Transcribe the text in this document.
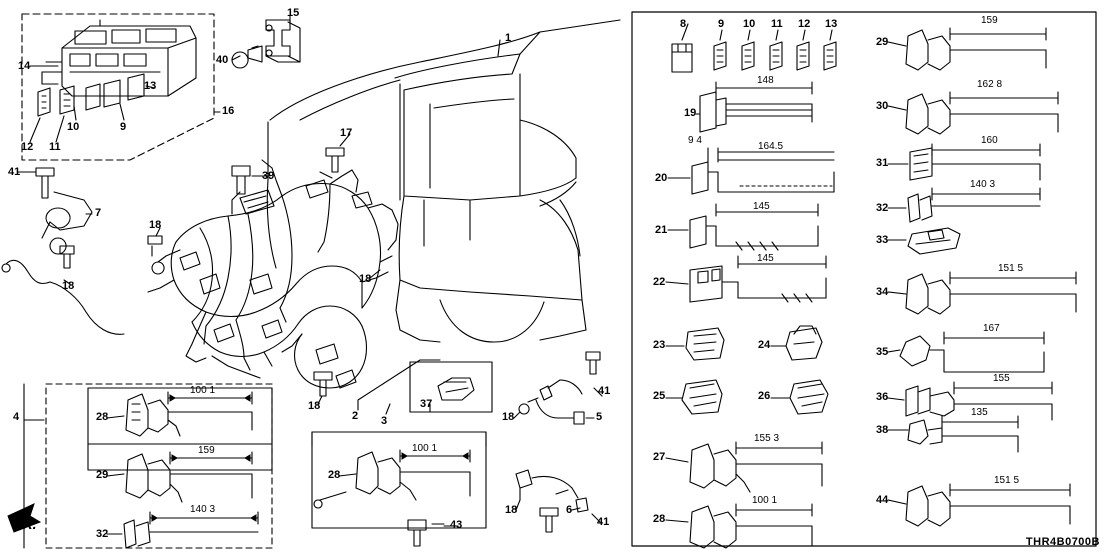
1
2 3
4	5
6
7
8	9 10 11 12 13
14
15
16
17
18
19
20
21
22
23	24
25	26
27
28
29
30
31
32
33
34
35
36
37
38
39
40
41
43
44
9
10
11
12
13
18
18
18
18
18
41
41
28
29
32
28
159
162 8
160
140 3
151 5
167
155
135
151 5
148
164.5
9 4
145
145
155 3
100 1
100 1
159
140 3
100 1
FR.
THR4B0700B
